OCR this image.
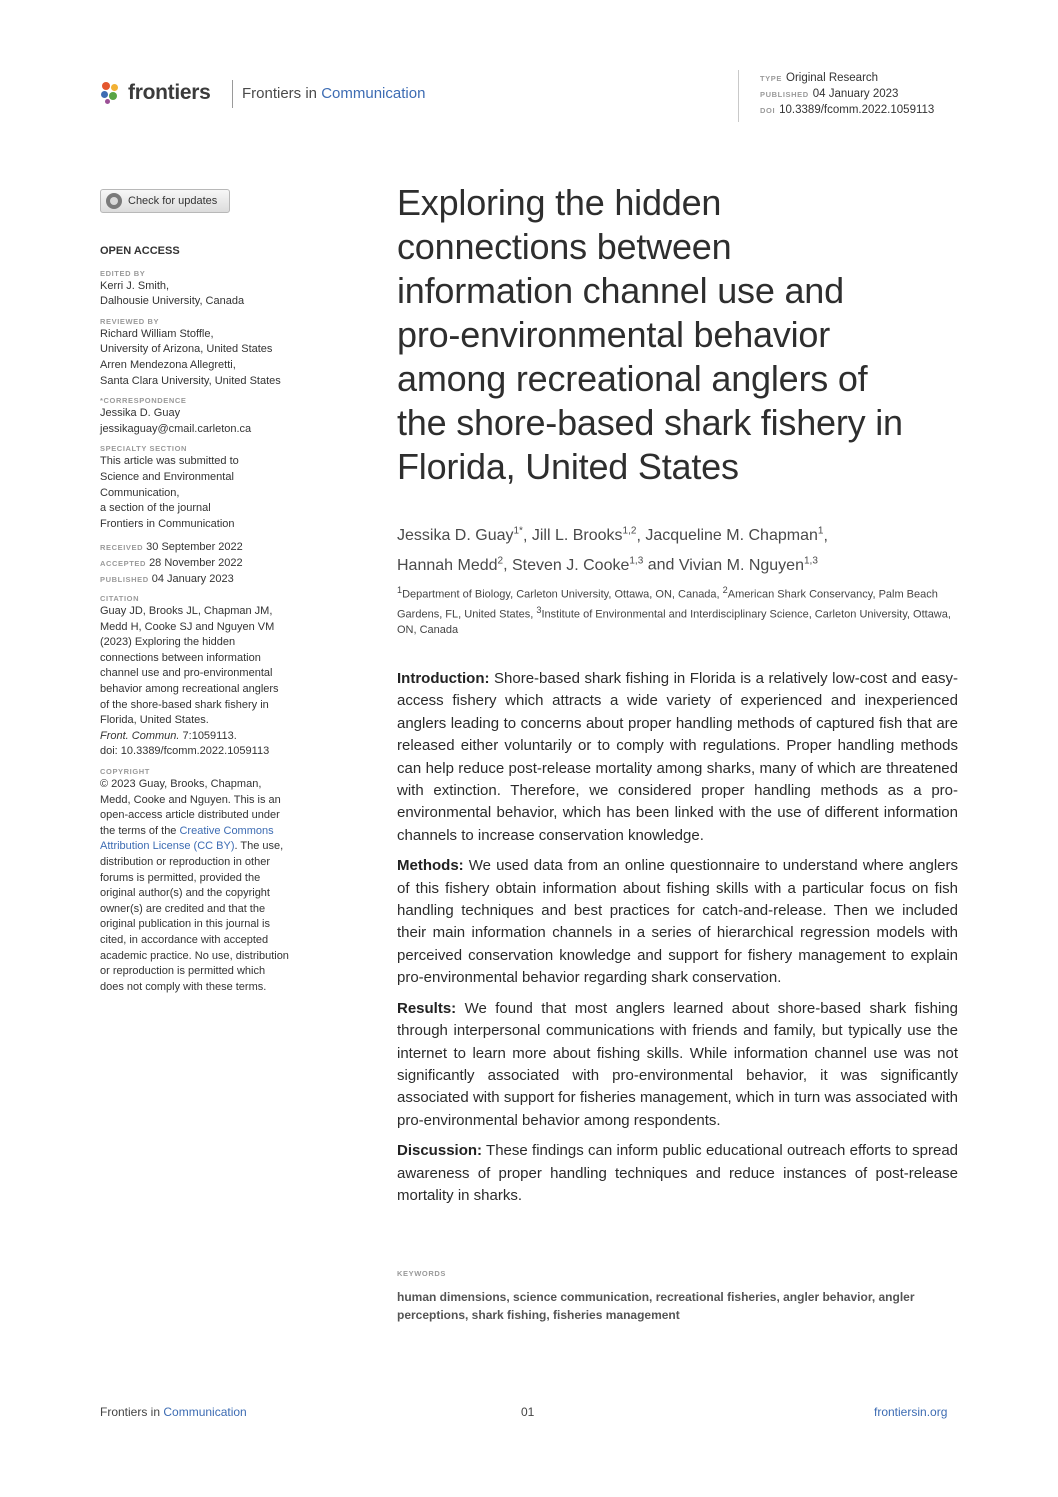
frontiers Frontiers in Communication
TYPE Original Research
PUBLISHED 04 January 2023
DOI 10.3389/fcomm.2022.1059113
Check for updates
OPEN ACCESS
EDITED BY
Kerri J. Smith,
Dalhousie University, Canada
REVIEWED BY
Richard William Stoffle,
University of Arizona, United States
Arren Mendezona Allegretti,
Santa Clara University, United States
*CORRESPONDENCE
Jessika D. Guay
jessikaguay@cmail.carleton.ca
SPECIALTY SECTION
This article was submitted to
Science and Environmental
Communication,
a section of the journal
Frontiers in Communication
RECEIVED 30 September 2022
ACCEPTED 28 November 2022
PUBLISHED 04 January 2023
CITATION
Guay JD, Brooks JL, Chapman JM,
Medd H, Cooke SJ and Nguyen VM
(2023) Exploring the hidden
connections between information
channel use and pro-environmental
behavior among recreational anglers
of the shore-based shark fishery in
Florida, United States.
Front. Commun. 7:1059113.
doi: 10.3389/fcomm.2022.1059113
COPYRIGHT
© 2023 Guay, Brooks, Chapman,
Medd, Cooke and Nguyen. This is an
open-access article distributed under
the terms of the Creative Commons
Attribution License (CC BY). The use,
distribution or reproduction in other
forums is permitted, provided the
original author(s) and the copyright
owner(s) are credited and that the
original publication in this journal is
cited, in accordance with accepted
academic practice. No use, distribution
or reproduction is permitted which
does not comply with these terms.
Exploring the hidden
connections between
information channel use and
pro-environmental behavior
among recreational anglers of
the shore-based shark fishery in
Florida, United States
Jessika D. Guay$^{1*}$, Jill L. Brooks$^{1,2}$, Jacqueline M. Chapman$^1$,
Hannah Medd$^2$, Steven J. Cooke$^{1,3}$ and Vivian M. Nguyen$^{1,3}$
$^1$Department of Biology, Carleton University, Ottawa, ON, Canada, $^2$American Shark Conservancy, Palm Beach Gardens, FL, United States, $^3$Institute of Environmental and Interdisciplinary Science, Carleton University, Ottawa, ON, Canada

Introduction: Shore-based shark fishing in Florida is a relatively low-cost and easy-access fishery which attracts a wide variety of experienced and inexperienced anglers leading to concerns about proper handling methods of captured fish that are released either voluntarily or to comply with regulations. Proper handling methods can help reduce post-release mortality among sharks, many of which are threatened with extinction. Therefore, we considered proper handling methods as a pro-environmental behavior, which has been linked with the use of different information channels to increase conservation knowledge.

Methods: We used data from an online questionnaire to understand where anglers of this fishery obtain information about fishing skills with a particular focus on fish handling techniques and best practices for catch-and-release. Then we included their main information channels in a series of hierarchical regression models with perceived conservation knowledge and support for fishery management to explain pro-environmental behavior regarding shark conservation.

Results: We found that most anglers learned about shore-based shark fishing through interpersonal communications with friends and family, but typically use the internet to learn more about fishing skills. While information channel use was not significantly associated with pro-environmental behavior, it was significantly associated with support for fisheries management, which in turn was associated with pro-environmental behavior among respondents.

Discussion: These findings can inform public educational outreach efforts to spread awareness of proper handling techniques and reduce instances of post-release mortality in sharks.

KEYWORDS
human dimensions, science communication, recreational fisheries, angler behavior, angler perceptions, shark fishing, fisheries management
Frontiers in Communication	01	frontiersin.org
